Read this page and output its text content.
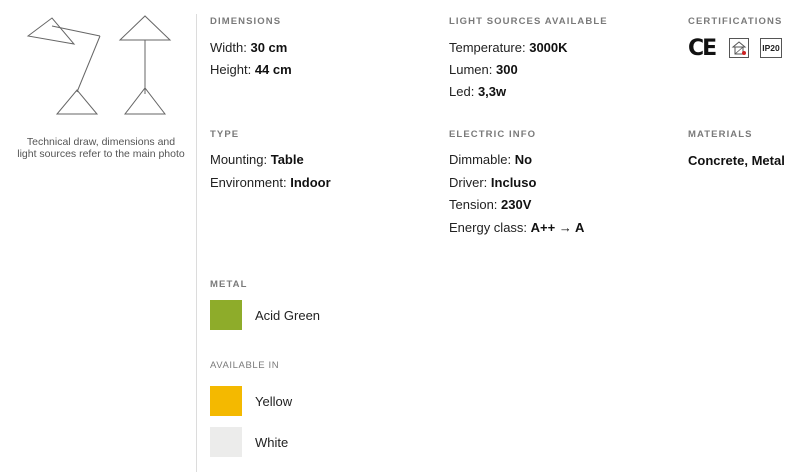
Technical draw, dimensions and light sources refer to the main photo
DIMENSIONS
Width: 30 cm
Height: 44 cm
LIGHT SOURCES AVAILABLE
Temperature: 3000K
Lumen: 300
Led: 3,3w
CERTIFICATIONS
CE	IP20
TYPE
Mounting: Table
Environment: Indoor
ELECTRIC INFO
Dimmable: No
Driver: Incluso
Tension: 230V
Energy class: A++ → A
MATERIALS
Concrete, Metal
METAL
Acid Green
AVAILABLE IN
Yellow
White
